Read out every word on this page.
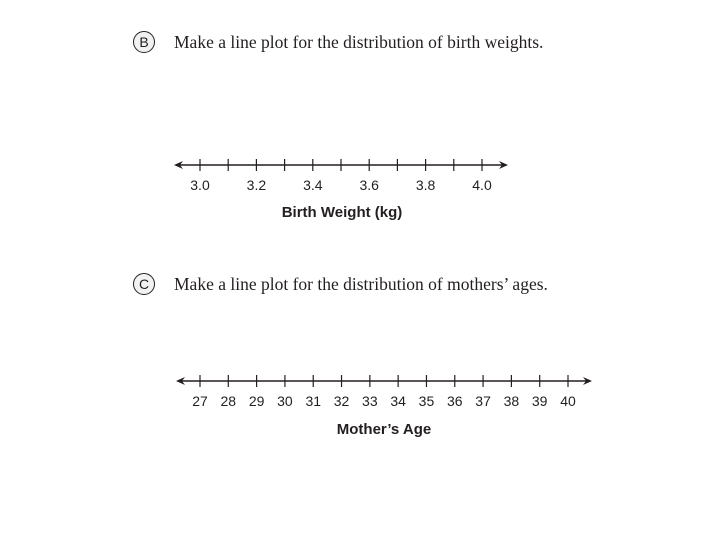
B	Make a line plot for the distribution of birth weights.
3.0	3.2	3.4	3.6	3.8	4.0
Birth Weight (kg)
C	Make a line plot for the distribution of mothers’ ages.
27 28 29 30 31 32 33 34 35 36 37 38 39 40
Mother’s Age
